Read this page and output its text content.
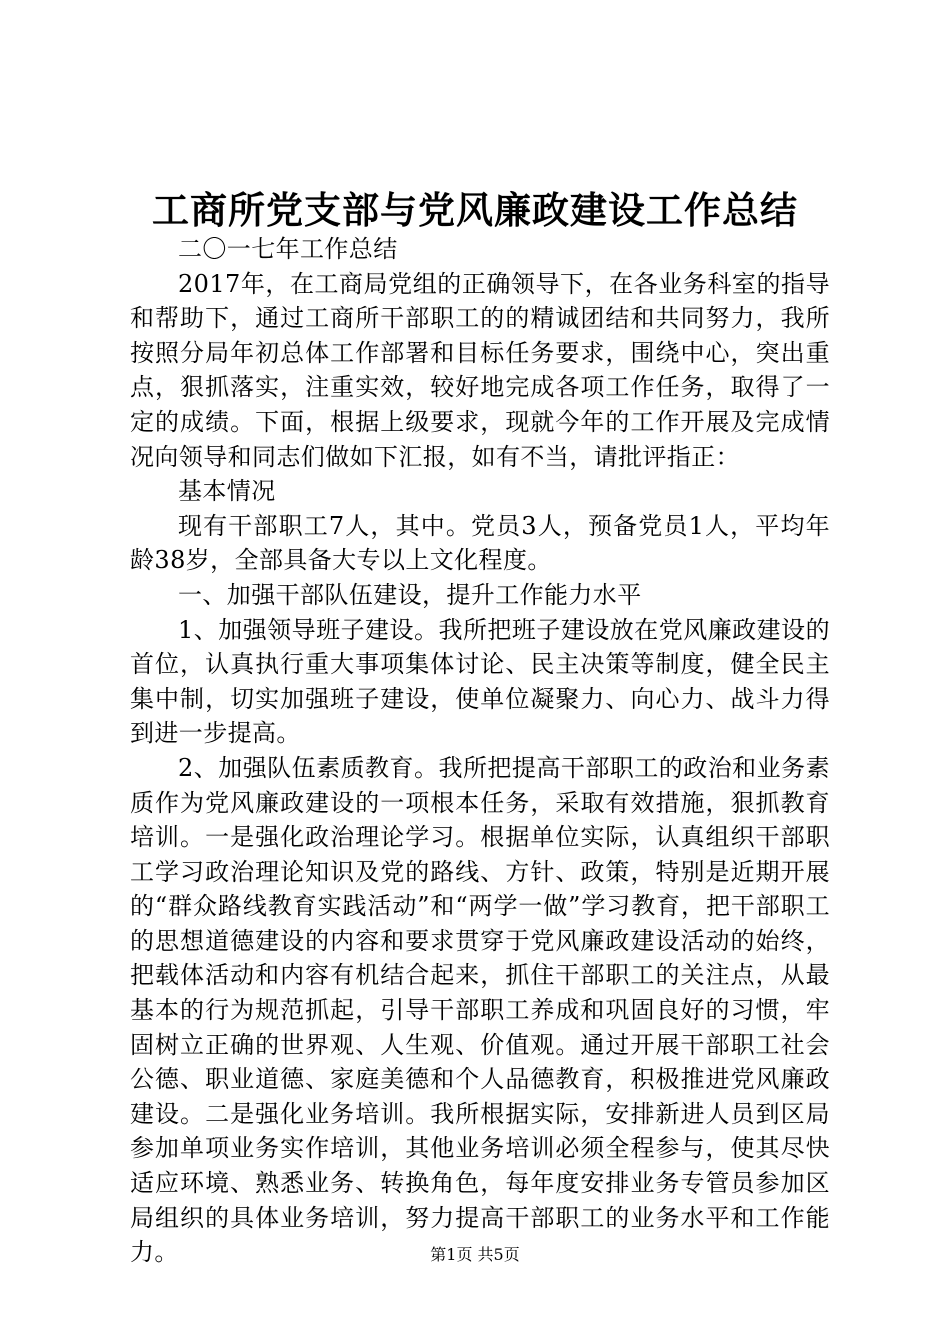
工商所党支部与党风廉政建设工作总结

二〇一七年工作总结

2017年，在工商局党组的正确领导下，在各业务科室的指导和帮助下，通过工商所干部职工的的精诚团结和共同努力，我所按照分局年初总体工作部署和目标任务要求，围绕中心，突出重点，狠抓落实，注重实效，较好地完成各项工作任务，取得了一定的成绩。下面，根据上级要求，现就今年的工作开展及完成情况向领导和同志们做如下汇报，如有不当，请批评指正：

基本情况

现有干部职工7人，其中。党员3人，预备党员1人，平均年龄38岁，全部具备大专以上文化程度。

一、加强干部队伍建设，提升工作能力水平

1、加强领导班子建设。我所把班子建设放在党风廉政建设的首位，认真执行重大事项集体讨论、民主决策等制度，健全民主集中制，切实加强班子建设，使单位凝聚力、向心力、战斗力得到进一步提高。

2、加强队伍素质教育。我所把提高干部职工的政治和业务素质作为党风廉政建设的一项根本任务，采取有效措施，狠抓教育培训。一是强化政治理论学习。根据单位实际，认真组织干部职工学习政治理论知识及党的路线、方针、政策，特别是近期开展的“群众路线教育实践活动”和“两学一做”学习教育，把干部职工的思想道德建设的内容和要求贯穿于党风廉政建设活动的始终，把载体活动和内容有机结合起来，抓住干部职工的关注点，从最基本的行为规范抓起，引导干部职工养成和巩固良好的习惯，牢固树立正确的世界观、人生观、价值观。通过开展干部职工社会公德、职业道德、家庭美德和个人品德教育，积极推进党风廉政建设。二是强化业务培训。我所根据实际，安排新进人员到区局参加单项业务实作培训，其他业务培训必须全程参与，使其尽快适应环境、熟悉业务、转换角色，每年度安排业务专管员参加区局组织的具体业务培训，努力提高干部职工的业务水平和工作能力。	第1页 共5页
